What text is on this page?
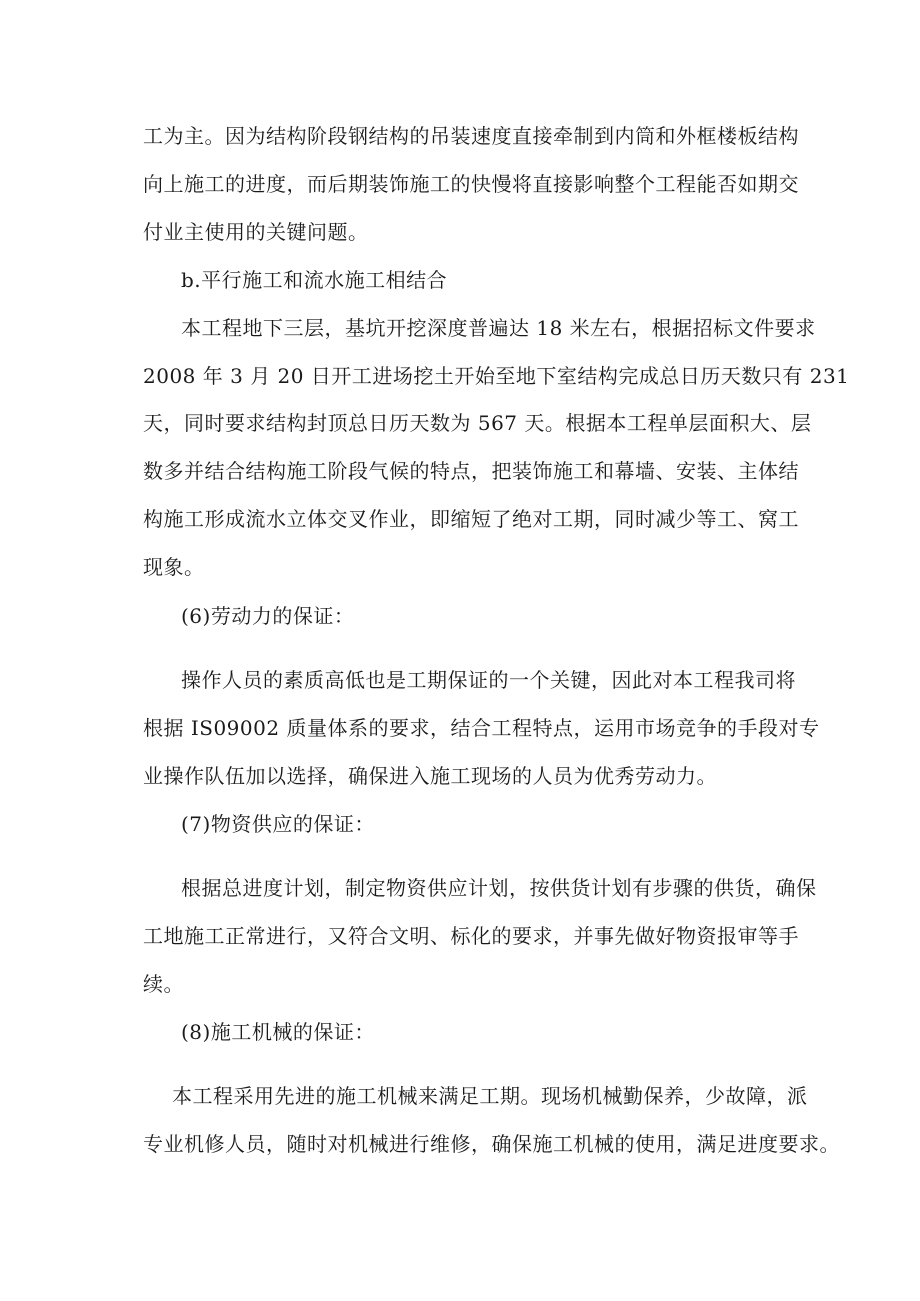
工为主。因为结构阶段钢结构的吊装速度直接牵制到内筒和外框楼板结构
向上施工的进度，而后期装饰施工的快慢将直接影响整个工程能否如期交
付业主使用的关键问题。
b.平行施工和流水施工相结合
本工程地下三层，基坑开挖深度普遍达 18 米左右，根据招标文件要求
2008 年 3 月 20 日开工进场挖土开始至地下室结构完成总日历天数只有 231
天，同时要求结构封顶总日历天数为 567 天。根据本工程单层面积大、层
数多并结合结构施工阶段气候的特点，把装饰施工和幕墙、安装、主体结
构施工形成流水立体交叉作业，即缩短了绝对工期，同时减少等工、窝工
现象。
(6)劳动力的保证：
操作人员的素质高低也是工期保证的一个关键，因此对本工程我司将
根据 IS09002 质量体系的要求，结合工程特点，运用市场竞争的手段对专
业操作队伍加以选择，确保进入施工现场的人员为优秀劳动力。
(7)物资供应的保证：
根据总进度计划，制定物资供应计划，按供货计划有步骤的供货，确保
工地施工正常进行，又符合文明、标化的要求，并事先做好物资报审等手
续。
(8)施工机械的保证：
本工程采用先进的施工机械来满足工期。现场机械勤保养，少故障，派
专业机修人员，随时对机械进行维修，确保施工机械的使用，满足进度要求。
